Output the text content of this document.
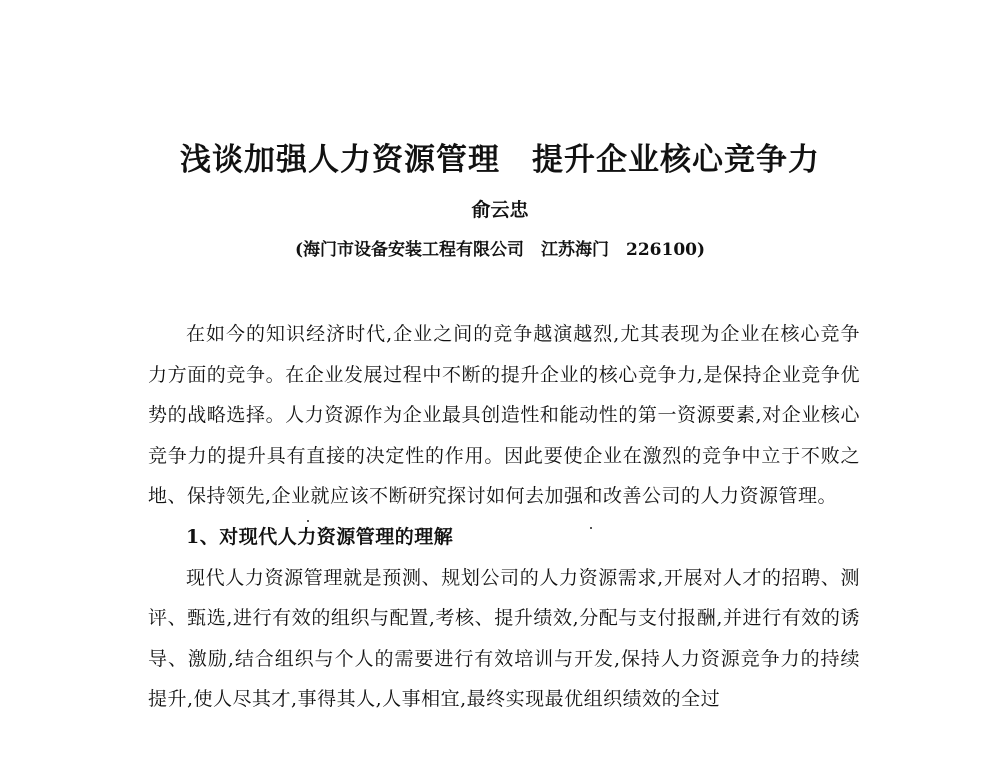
浅谈加强人力资源管理　提升企业核心竞争力
俞云忠
(海门市设备安装工程有限公司　江苏海门　226100)

在如今的知识经济时代,企业之间的竞争越演越烈,尤其表现为企业在核心竞争力方面的竞争。在企业发展过程中不断的提升企业的核心竞争力,是保持企业竞争优势的战略选择。人力资源作为企业最具创造性和能动性的第一资源要素,对企业核心竞争力的提升具有直接的决定性的作用。因此要使企业在激烈的竞争中立于不败之地、保持领先,企业就应该不断研究探讨如何去加强和改善公司的人力资源管理。

1、对现代人力资源管理的理解

现代人力资源管理就是预测、规划公司的人力资源需求,开展对人才的招聘、测评、甄选,进行有效的组织与配置,考核、提升绩效,分配与支付报酬,并进行有效的诱导、激励,结合组织与个人的需要进行有效培训与开发,保持人力资源竞争力的持续提升,使人尽其才,事得其人,人事相宜,最终实现最优组织绩效的全过
